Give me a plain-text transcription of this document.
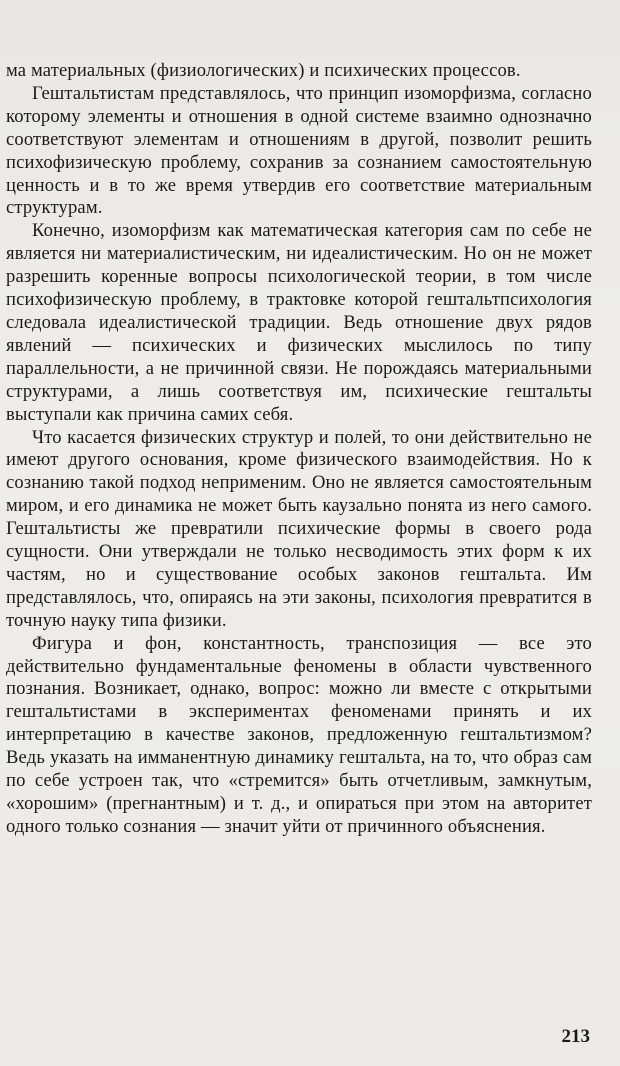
ма материальных (физиологических) и психических процессов.

Гештальтистам представлялось, что принцип изоморфизма, согласно которому элементы и отношения в одной системе взаимно однозначно соответствуют элементам и отношениям в другой, позволит решить психофизическую проблему, сохранив за сознанием самостоятельную ценность и в то же время утвердив его соответствие материальным структурам.

Конечно, изоморфизм как математическая категория сам по себе не является ни материалистическим, ни идеалистическим. Но он не может разрешить коренные вопросы психологической теории, в том числе психофизическую проблему, в трактовке которой гештальтпсихология следовала идеалистической традиции. Ведь отношение двух рядов явлений — психических и физических мыслилось по типу параллельности, а не причинной связи. Не порождаясь материальными структурами, а лишь соответствуя им, психические гештальты выступали как причина самих себя.

Что касается физических структур и полей, то они действительно не имеют другого основания, кроме физического взаимодействия. Но к сознанию такой подход неприменим. Оно не является самостоятельным миром, и его динамика не может быть каузально понята из него самого. Гештальтисты же превратили психические формы в своего рода сущности. Они утверждали не только несводимость этих форм к их частям, но и существование особых законов гештальта. Им представлялось, что, опираясь на эти законы, психология превратится в точную науку типа физики.

Фигура и фон, константность, транспозиция — все это действительно фундаментальные феномены в области чувственного познания. Возникает, однако, вопрос: можно ли вместе с открытыми гештальтистами в экспериментах феноменами принять и их интерпретацию в качестве законов, предложенную гештальтизмом? Ведь указать на имманентную динамику гештальта, на то, что образ сам по себе устроен так, что «стремится» быть отчетливым, замкнутым, «хорошим» (прегнантным) и т. д., и опираться при этом на авторитет одного только сознания — значит уйти от причинного объяснения.

213
